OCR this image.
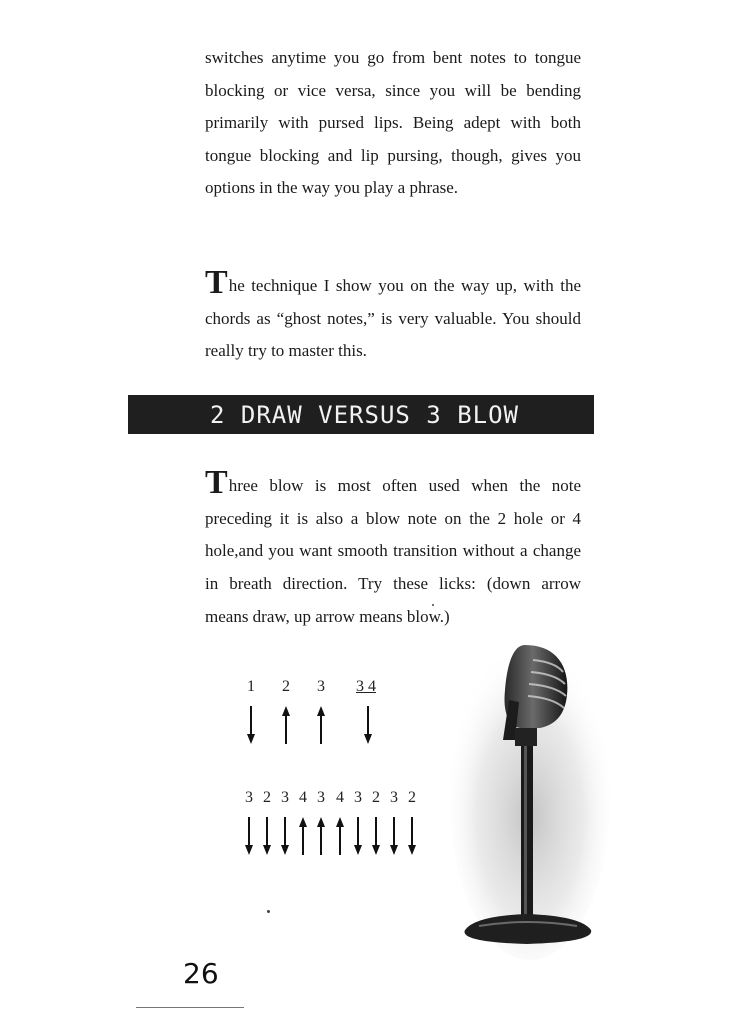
switches anytime you go from bent notes to tongue blocking or vice versa, since you will be bending primarily with pursed lips. Being adept with both tongue blocking and lip pursing, though, gives you options in the way you play a phrase.

The technique I show you on the way up, with the chords as “ghost notes,” is very valuable. You should really try to master this.

2 DRAW VERSUS 3 BLOW

Three blow is most often used when the note preceding it is also a blow note on the 2 hole or 4 hole,and you want smooth transition without a change in breath direction. Try these licks: (down arrow means draw, up arrow means blow.)

1 2 3	3 4
3 2 3 4 3 4 3 2 3 2
26
